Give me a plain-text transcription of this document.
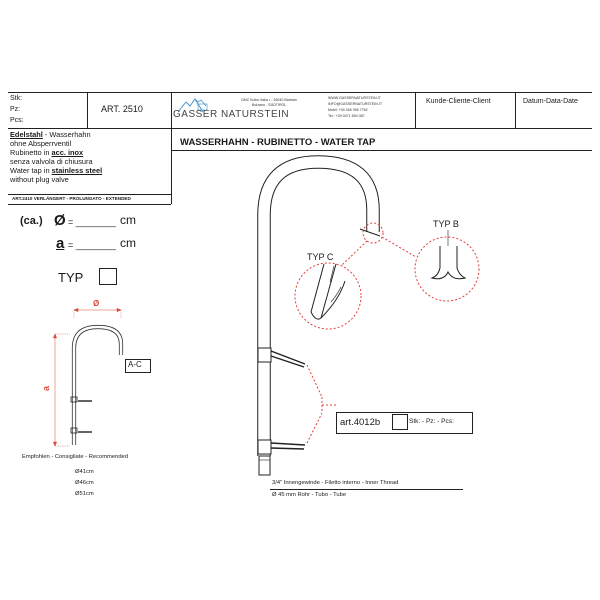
Stk:
Pz:
Pcs:
ART. 2510	GASSER NATURSTEIN
GMZ Kultur Italia • - 39040 Barbian
Bolzano - SÜDTIROL
WWW.GASSERNATURSTEIN.IT
INFO@GASSERNATURSTEIN.IT
Mobil: +39 348 396 7762
Tel.: +39 0471 654 087
Kunde-Cliente-Client	Datum-Data-Date
Edelstahl - Wasserhahn
ohne Absperrventil
Rubinetto in acc. inox
senza valvola di chiusura
Water tap in stainless steel
without plug valve
ART.2410 VERLÄNGERT - PROLUNGATO - EXTENDED
(ca.) Ø = ________ cm
a = ________ cm
TYP
Ø
a
A-C
Empfohlen - Consigliate - Recommended
Ø41cm
Ø46cm
Ø51cm
WASSERHAHN - RUBINETTO - WATER TAP
TYP C
TYP B
art.4012b	Stk: - Pz: - Pcs:
3/4" Innengewinde - Filetto interno - Inner Thread
Ø 45 mm Rohr - Tubo - Tube
